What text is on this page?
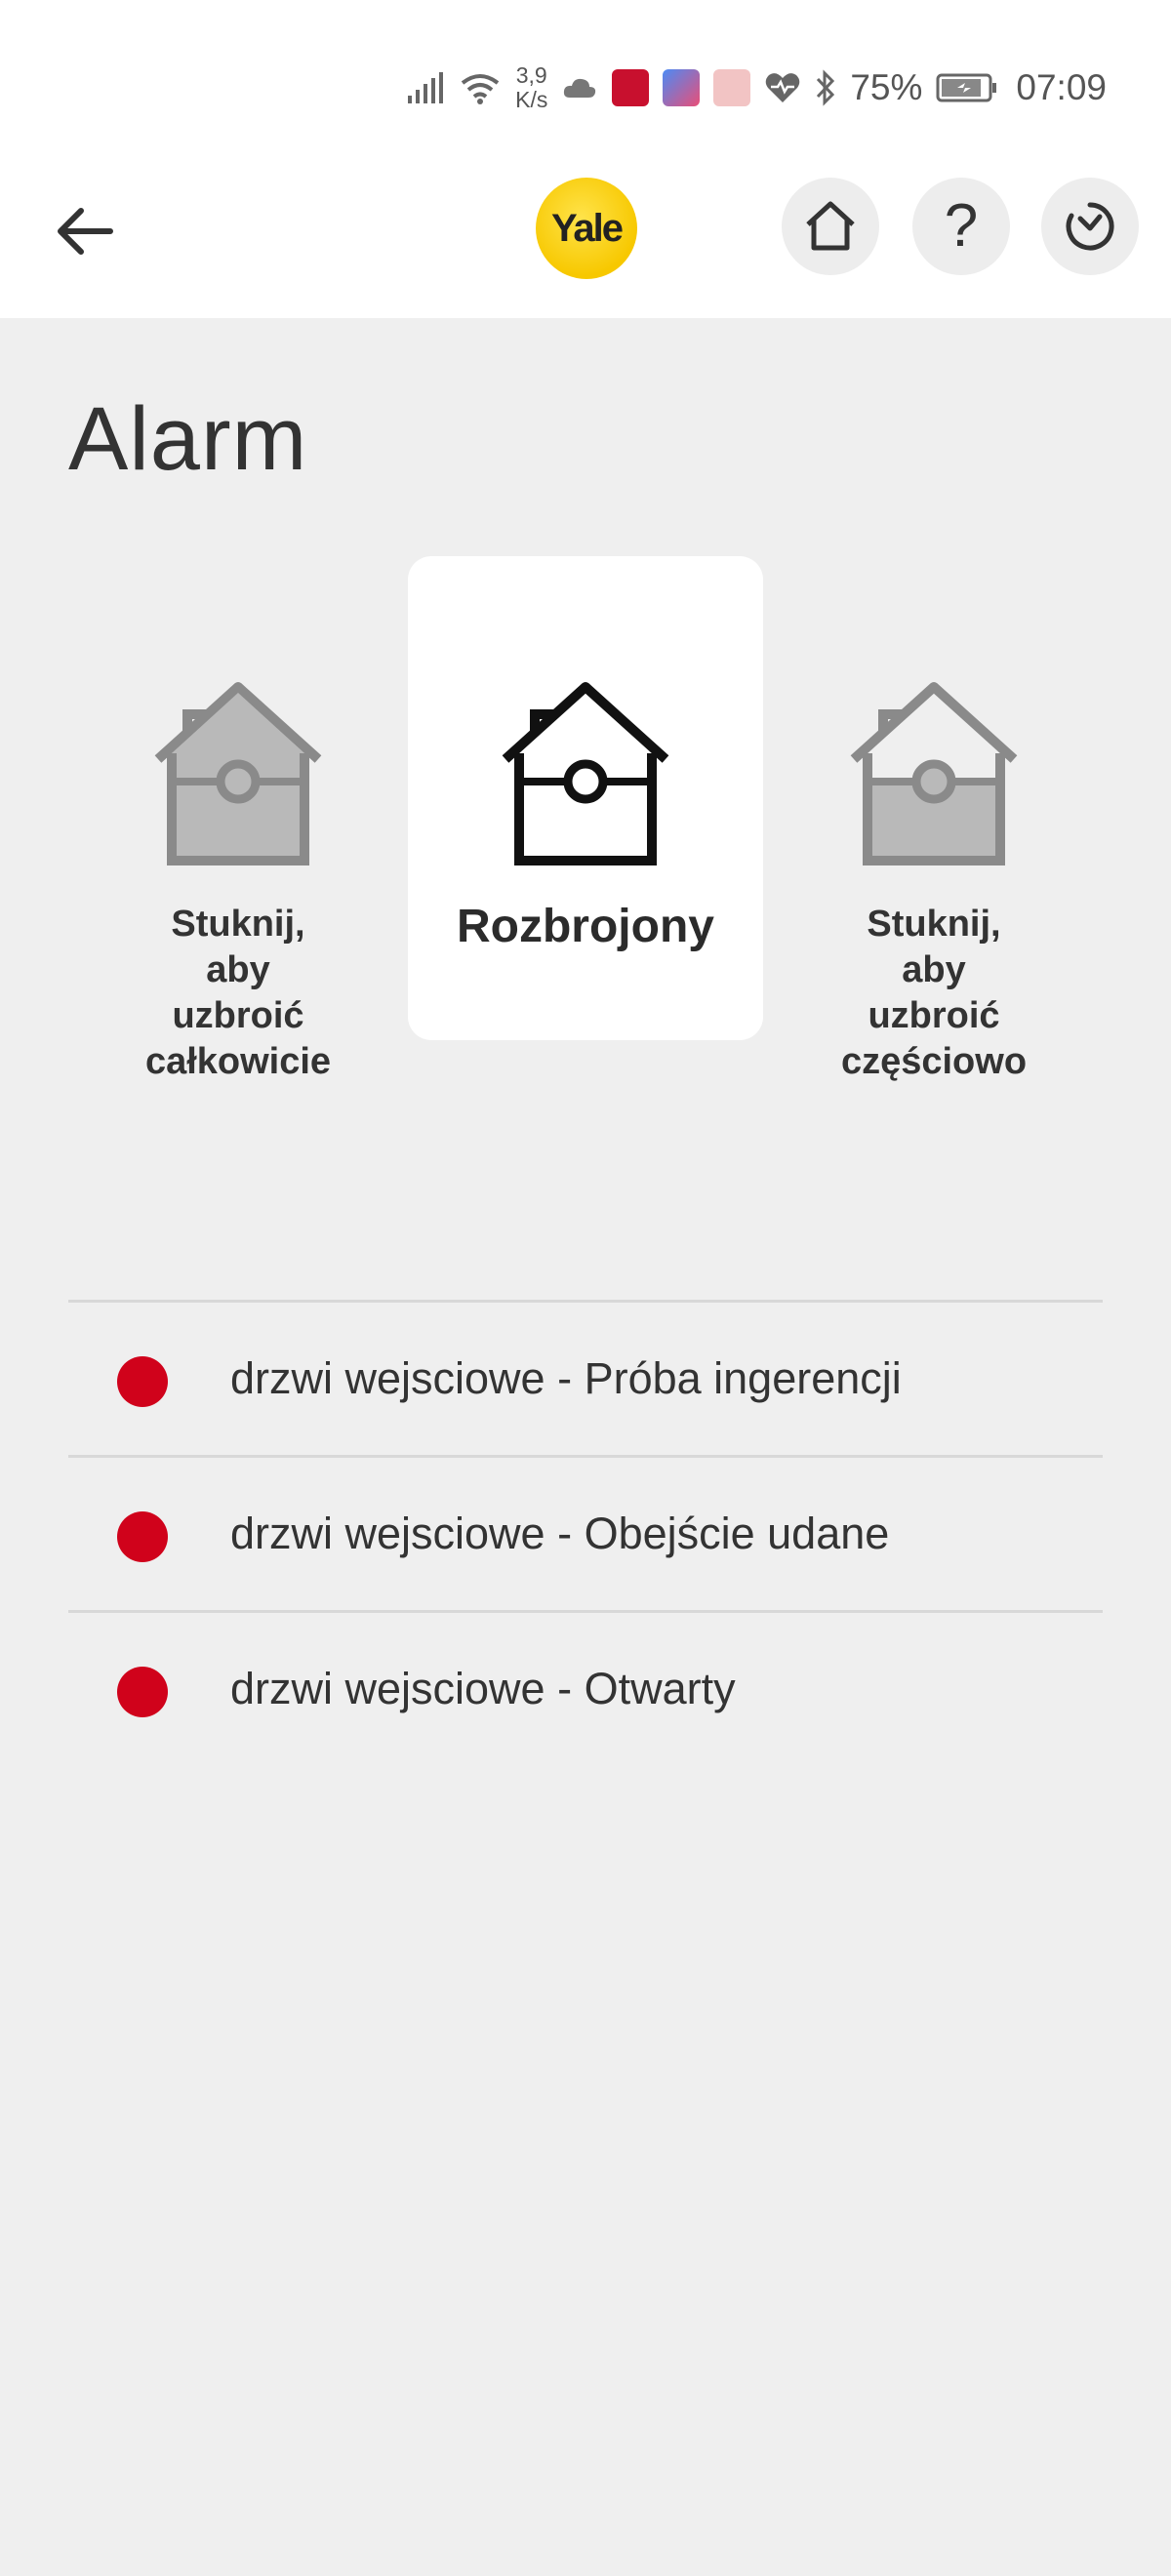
3,9
K/s	75%	07:09
Yale	?
Alarm
Stuknij,
aby
uzbroić
całkowicie
Rozbrojony	Stuknij,
aby
uzbroić
częściowo
drzwi wejsciowe - Próba ingerencji
drzwi wejsciowe - Obejście udane
drzwi wejsciowe - Otwarty
